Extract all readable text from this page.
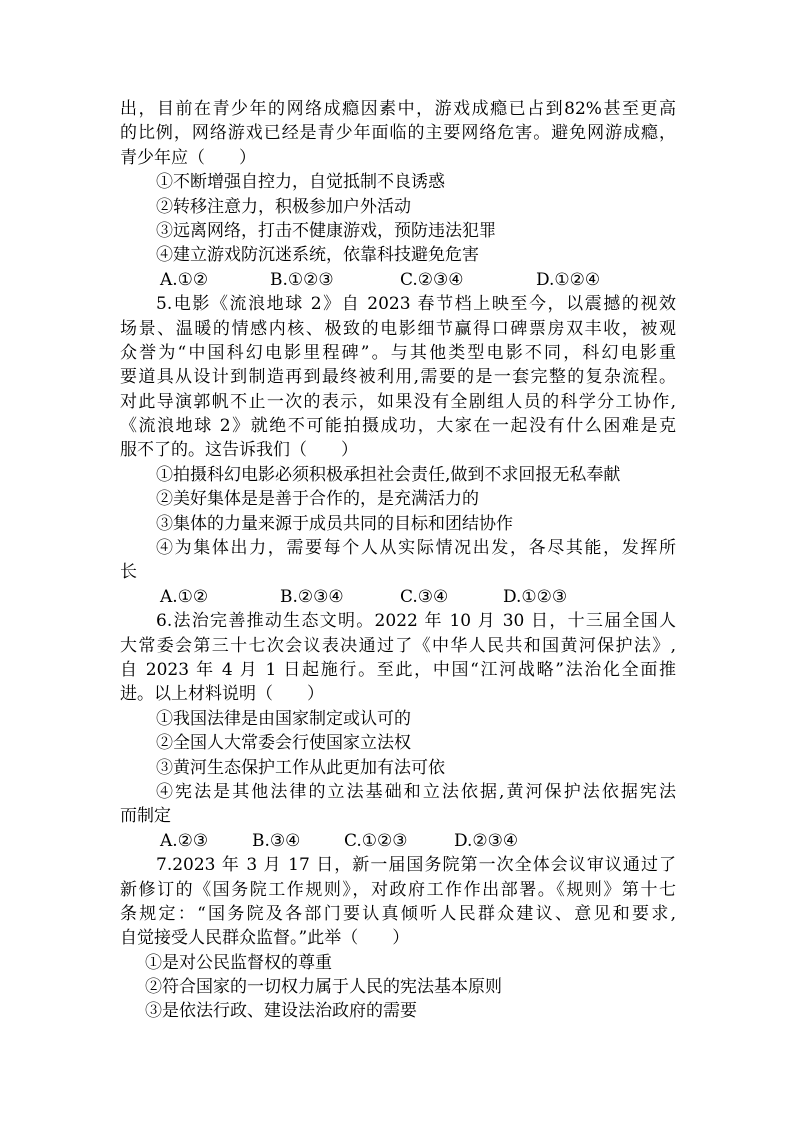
出，目前在青少年的网络成瘾因素中，游戏成瘾已占到82%甚至更高
的比例，网络游戏已经是青少年面临的主要网络危害。避免网游成瘾，
青少年应（　　）
①不断增强自控力，自觉抵制不良诱惑
②转移注意力，积极参加户外活动
③远离网络，打击不健康游戏，预防违法犯罪
④建立游戏防沉迷系统，依靠科技避免危害
A.①②	B.①②③	C.②③④	D.①②④
5.电影《流浪地球 2》自 2023 春节档上映至今，以震撼的视效
场景、温暖的情感内核、极致的电影细节赢得口碑票房双丰收，被观
众誉为“中国科幻电影里程碑”。与其他类型电影不同，科幻电影重
要道具从设计到制造再到最终被利用,需要的是一套完整的复杂流程。
对此导演郭帆不止一次的表示，如果没有全剧组人员的科学分工协作,
《流浪地球 2》就绝不可能拍摄成功，大家在一起没有什么困难是克
服不了的。这告诉我们（　　）
①拍摄科幻电影必须积极承担社会责任,做到不求回报无私奉献
②美好集体是是善于合作的，是充满活力的
③集体的力量来源于成员共同的目标和团结协作
④为集体出力，需要每个人从实际情况出发，各尽其能，发挥所
长
A.①②	B.②③④	C.③④	D.①②③
6.法治完善推动生态文明。2022 年 10 月 30 日，十三届全国人
大常委会第三十七次会议表决通过了《中华人民共和国黄河保护法》,
自 2023 年 4 月 1 日起施行。至此，中国“江河战略”法治化全面推
进。以上材料说明（　　）
①我国法律是由国家制定或认可的
②全国人大常委会行使国家立法权
③黄河生态保护工作从此更加有法可依
④宪法是其他法律的立法基础和立法依据,黄河保护法依据宪法
而制定
A.②③	B.③④	C.①②③	D.②③④
7.2023 年 3 月 17 日，新一届国务院第一次全体会议审议通过了
新修订的《国务院工作规则》，对政府工作作出部署。《规则》第十七
条规定：“国务院及各部门要认真倾听人民群众建议、意见和要求,
自觉接受人民群众监督。”此举（　　）
①是对公民监督权的尊重
②符合国家的一切权力属于人民的宪法基本原则
③是依法行政、建设法治政府的需要
